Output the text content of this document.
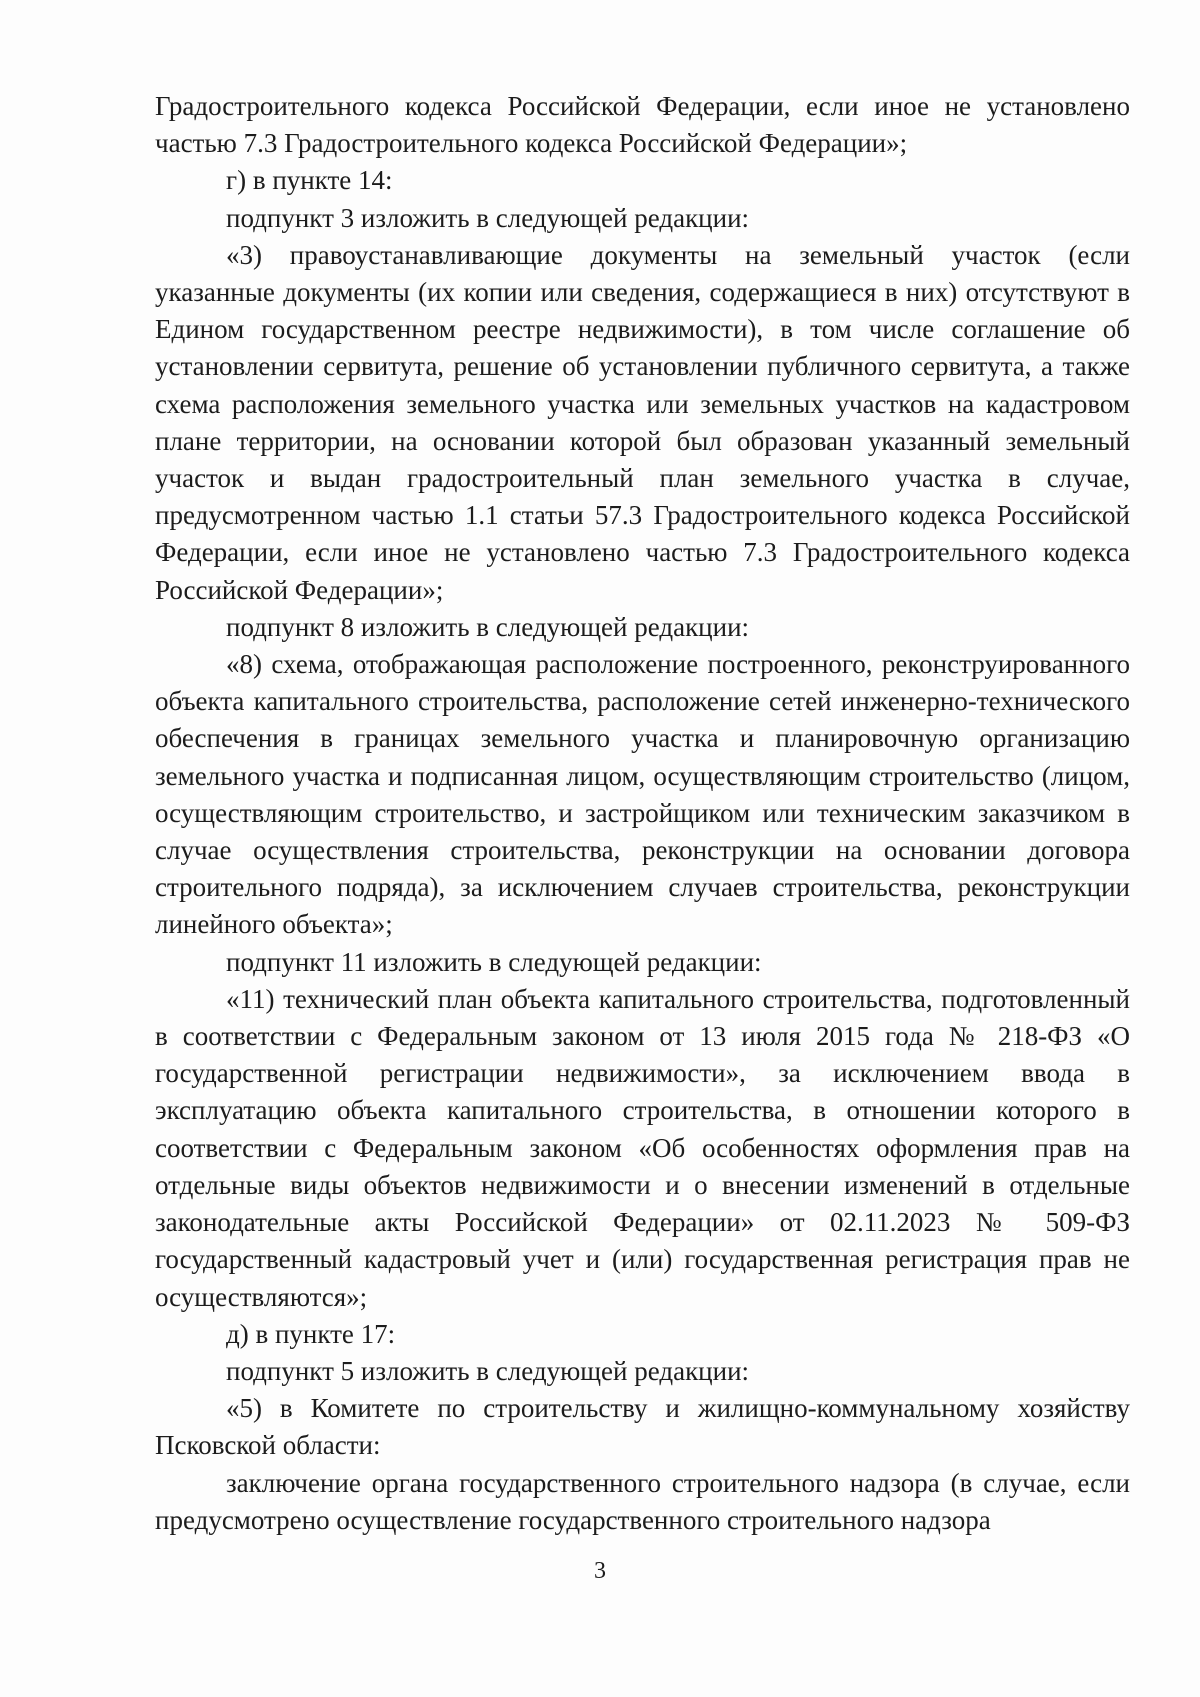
Градостроительного кодекса Российской Федерации, если иное не установлено частью 7.3 Градостроительного кодекса Российской Федерации»;

г) в пункте 14:

подпункт 3 изложить в следующей редакции:

«3) правоустанавливающие документы на земельный участок (если указанные документы (их копии или сведения, содержащиеся в них) отсутствуют в Едином государственном реестре недвижимости), в том числе соглашение об установлении сервитута, решение об установлении публичного сервитута, а также схема расположения земельного участка или земельных участков на кадастровом плане территории, на основании которой был образован указанный земельный участок и выдан градостроительный план земельного участка в случае, предусмотренном частью 1.1 статьи 57.3 Градостроительного кодекса Российской Федерации, если иное не установлено частью 7.3 Градостроительного кодекса Российской Федерации»;

подпункт 8 изложить в следующей редакции:

«8) схема, отображающая расположение построенного, реконструированного объекта капитального строительства, расположение сетей инженерно-технического обеспечения в границах земельного участка и планировочную организацию земельного участка и подписанная лицом, осуществляющим строительство (лицом, осуществляющим строительство, и застройщиком или техническим заказчиком в случае осуществления строительства, реконструкции на основании договора строительного подряда), за исключением случаев строительства, реконструкции линейного объекта»;

подпункт 11 изложить в следующей редакции:

«11) технический план объекта капитального строительства, подготовленный в соответствии с Федеральным законом от 13 июля 2015 года № 218-ФЗ «О государственной регистрации недвижимости», за исключением ввода в эксплуатацию объекта капитального строительства, в отношении которого в соответствии с Федеральным законом «Об особенностях оформления прав на отдельные виды объектов недвижимости и о внесении изменений в отдельные законодательные акты Российской Федерации» от 02.11.2023 № 509-ФЗ государственный кадастровый учет и (или) государственная регистрация прав не осуществляются»;

д) в пункте 17:

подпункт 5 изложить в следующей редакции:

«5) в Комитете по строительству и жилищно-коммунальному хозяйству Псковской области:

заключение органа государственного строительного надзора (в случае, если предусмотрено осуществление государственного строительного надзора

3
